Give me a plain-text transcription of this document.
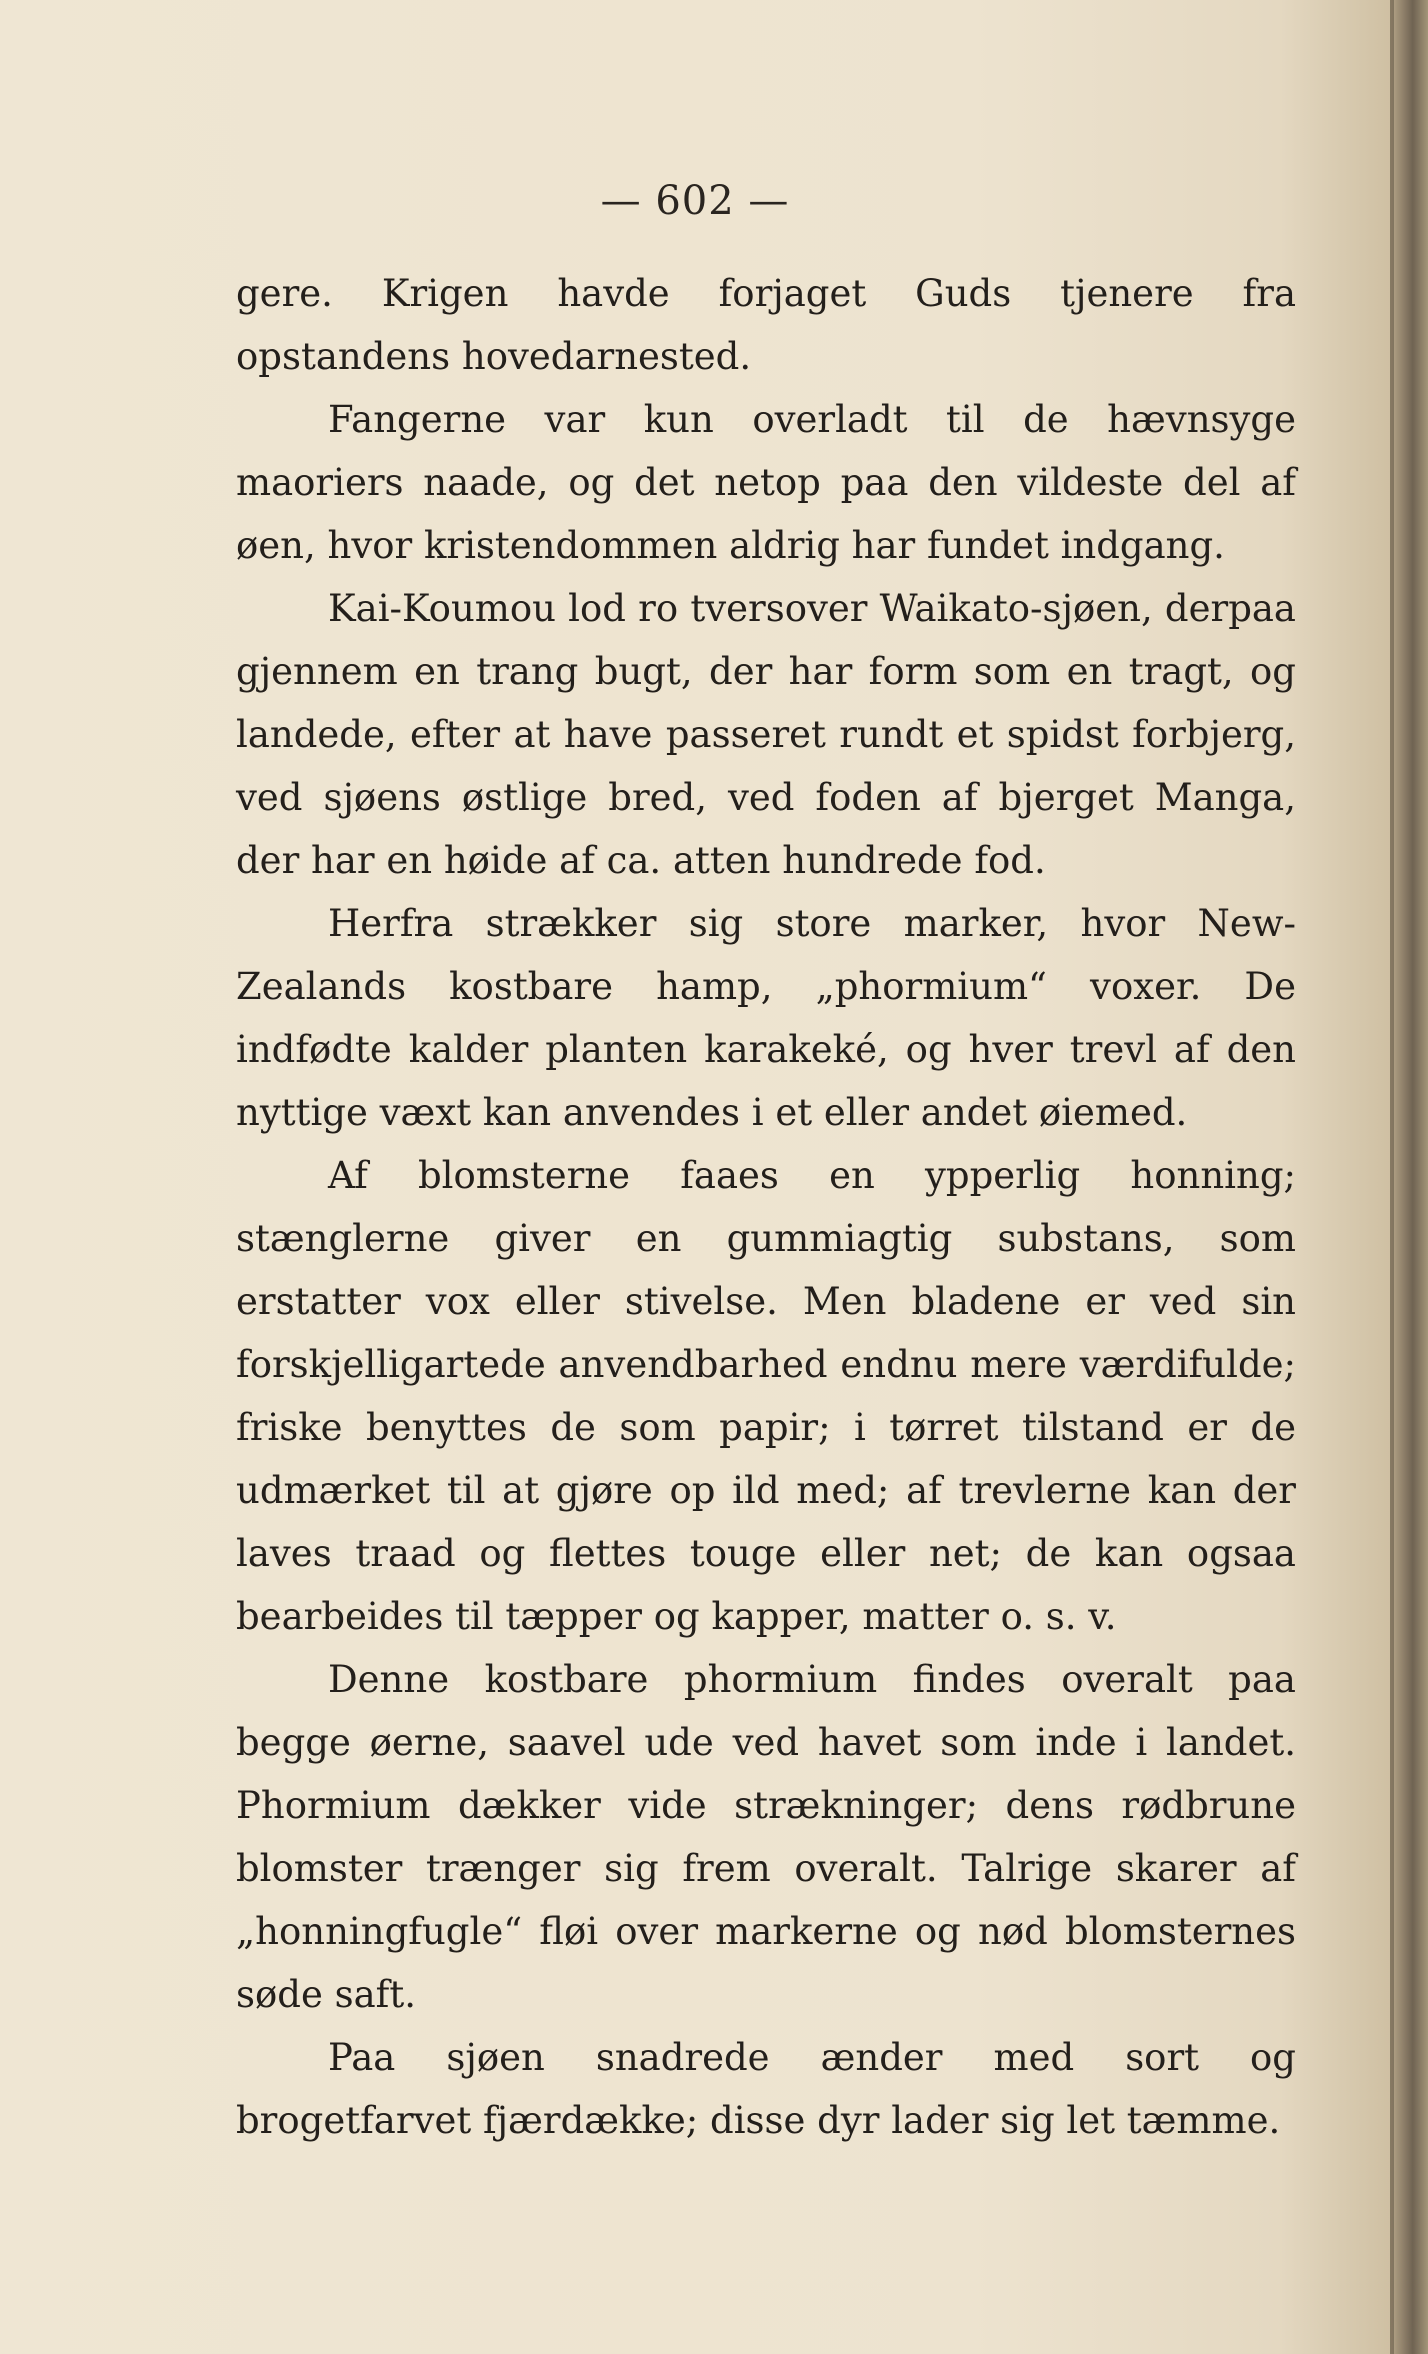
— 602 —

gere. Krigen havde forjaget Guds tjenere fra opstandens hovedarnested.

Fangerne var kun overladt til de hævnsyge maoriers naade, og det netop paa den vildeste del af øen, hvor kristendommen aldrig har fundet indgang.

Kai-Koumou lod ro tversover Waikato-sjøen, derpaa gjennem en trang bugt, der har form som en tragt, og landede, efter at have passeret rundt et spidst forbjerg, ved sjøens østlige bred, ved foden af bjerget Manga, der har en høide af ca. atten hundrede fod.

Herfra strækker sig store marker, hvor New-Zealands kostbare hamp, „phormium“ voxer. De indfødte kalder planten karakeké, og hver trevl af den nyttige væxt kan anvendes i et eller andet øiemed.

Af blomsterne faaes en ypperlig honning; stænglerne giver en gummiagtig substans, som erstatter vox eller stivelse. Men bladene er ved sin forskjelligartede anvendbarhed endnu mere værdifulde; friske benyttes de som papir; i tørret tilstand er de udmærket til at gjøre op ild med; af trevlerne kan der laves traad og flettes touge eller net; de kan ogsaa bearbeides til tæpper og kapper, matter o. s. v.

Denne kostbare phormium findes overalt paa begge øerne, saavel ude ved havet som inde i landet. Phormium dækker vide strækninger; dens rødbrune blomster trænger sig frem overalt. Talrige skarer af „honningfugle“ fløi over markerne og nød blomsternes søde saft.

Paa sjøen snadrede ænder med sort og brogetfarvet fjærdække; disse dyr lader sig let tæmme.
